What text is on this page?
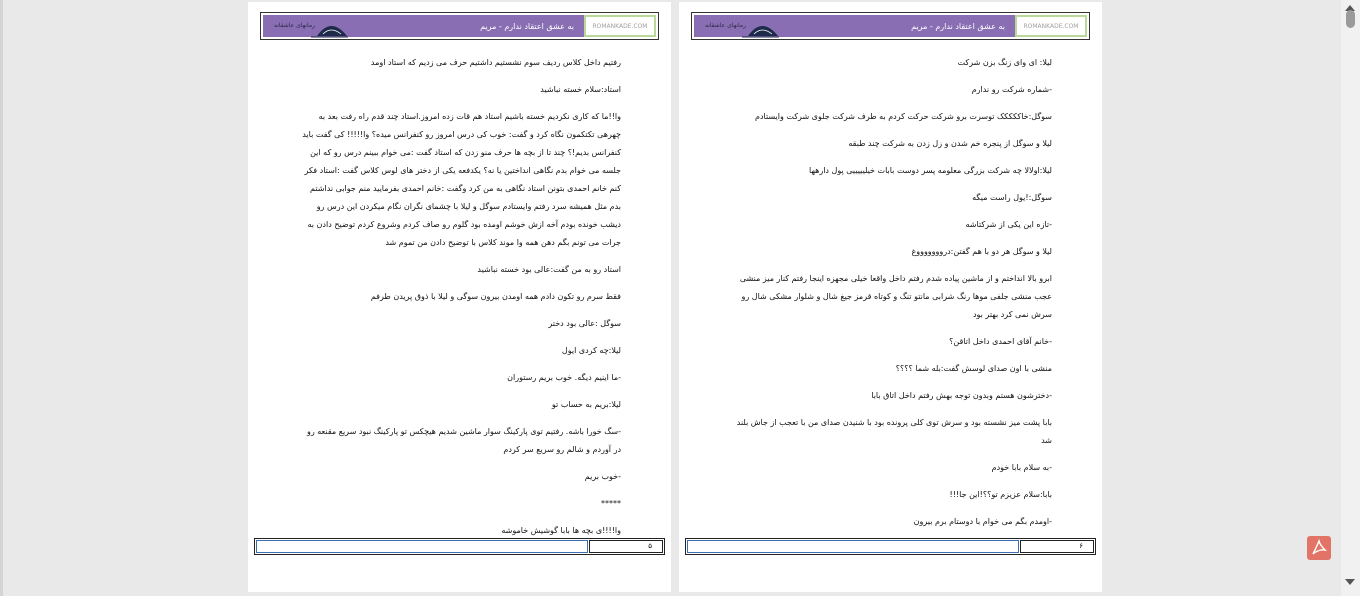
ROMANKADE.COM
به عشق اعتقاد ندارم - مریم
رمانهای عاشقانه

رفتیم داخل کلاس ردیف سوم نشستیم داشتیم حرف می زدیم که استاد اومد

استاد:سلام خسته نباشید

وا!!ما که کاری نکردیم خسته باشیم استاد هم قات زده امروز.استاد چند قدم راه رفت بعد به چهرهی تکتکمون نگاه کرد و گفت: خوب کی درس امروز رو کنفرانس میده؟ وا!!!!! کی گفت باید کنفرانس بدیم!؟ چند تا از بچه ها حرف منو زدن که استاد گفت :می خوام ببینم درس رو که این جلسه می خوام بدم نگاهی انداختین یا نه؟ یکدفعه یکی از دختر های لوس کلاس گفت :استاد فکر کنم خانم احمدی بتونن استاد نگاهی به من کرد وگفت :خانم احمدی بفرمایید منم جوابی نداشتم بدم مثل همیشه سرد رفتم وایستادم سوگل و لیلا با چشمای نگران نگام میکردن این درس رو دیشب خونده بودم آخه ازش خوشم اومده بود گلوم رو صاف کردم وشروع کردم توضیح دادن به جرات می تونم بگم دهن همه وا موند کلاس با توضیح دادن من تموم شد

استاد رو به من گفت:عالی بود خسته نباشید

فقط سرم رو تکون دادم همه اومدن بیرون سوگی و لیلا با ذوق پریدن طرفم

سوگل :عالی بود دختر

لیلا:چه کردی ایول

-ما اینیم دیگه. خوب بریم رستوران

لیلا:بریم به حساب تو

-سگ خورا باشه. رفتیم توی پارکینگ سوار ماشین شدیم هیچکس تو پارکینگ نبود سریع مقنعه رو در آوردم و شالم رو سریع سر کردم

-خوب بریم

*****

وا!!!!ی بچه ها بابا گوشیش خاموشه

۵
ROMANKADE.COM
به عشق اعتقاد ندارم - مریم
رمانهای عاشقانه

لیلا: ای وای زنگ بزن شرکت

-شماره شرکت رو ندارم

سوگل:خاککککک توسرت برو شرکت حرکت کردم به طرف شرکت جلوی شرکت وایستادم

لیلا و سوگل از پنجره خم شدن و زل زدن به شرکت چند طبقه

لیلا:اولالا چه شرکت بزرگی معلومه پسر دوست بابات خیلیییییی پول دارهها

سوگل:!یول راست میگه

-تازه این یکی از شرکتاشه

لیلا و سوگل هر دو با هم گفتن:دروووووووغ

ابرو بالا انداختم و از ماشین پیاده شدم رفتم داخل واقعا خیلی مجهزه اینجا رفتم کنار میز منشی عجب منشی جلفی موها رنگ شرابی مانتو تنگ و کوتاه قرمز جیغ شال و شلوار مشکی شال رو سرش نمی کرد بهتر بود

-خانم آقای احمدی داخل اتاقن؟

منشی با اون صدای لوسش گفت:بله شما ؟؟؟؟

-دخترشون هستم وبدون توجه بهش رفتم داخل اتاق بابا

بابا پشت میز نشسته بود و سرش توی کلی پرونده بود با شنیدن صدای من با تعجب از جاش بلند شد

-به سلام بابا خودم

بابا:سلام عزیزم تو؟؟!این جا!!!

-اومدم بگم می خوام با دوستام برم بیرون

۶
